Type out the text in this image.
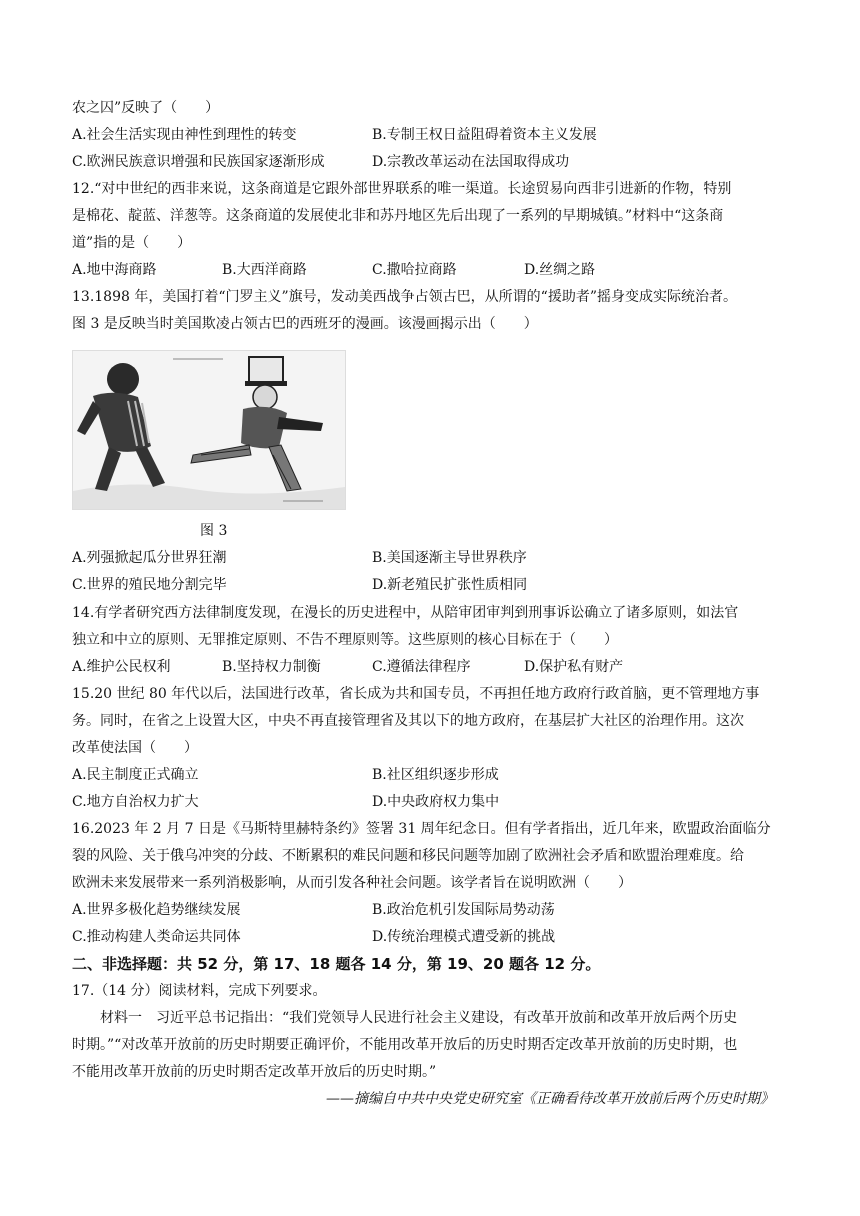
农之囚”反映了（　　）
A.社会生活实现由神性到理性的转变	B.专制王权日益阻碍着资本主义发展
C.欧洲民族意识增强和民族国家逐渐形成	D.宗教改革运动在法国取得成功
12.“对中世纪的西非来说，这条商道是它跟外部世界联系的唯一渠道。长途贸易向西非引进新的作物，特别
是棉花、靛蓝、洋葱等。这条商道的发展使北非和苏丹地区先后出现了一系列的早期城镇。”材料中“这条商
道”指的是（　　）
A.地中海商路	B.大西洋商路	C.撒哈拉商路	D.丝绸之路
13.1898 年，美国打着“门罗主义”旗号，发动美西战争占领古巴，从所谓的“援助者”摇身变成实际统治者。
图 3 是反映当时美国欺凌占领古巴的西班牙的漫画。该漫画揭示出（　　）
图 3
A.列强掀起瓜分世界狂潮	B.美国逐渐主导世界秩序
C.世界的殖民地分割完毕	D.新老殖民扩张性质相同
14.有学者研究西方法律制度发现，在漫长的历史进程中，从陪审团审判到刑事诉讼确立了诸多原则，如法官
独立和中立的原则、无罪推定原则、不告不理原则等。这些原则的核心目标在于（　　）
A.维护公民权利	B.坚持权力制衡	C.遵循法律程序	D.保护私有财产
15.20 世纪 80 年代以后，法国进行改革，省长成为共和国专员，不再担任地方政府行政首脑，更不管理地方事
务。同时，在省之上设置大区，中央不再直接管理省及其以下的地方政府，在基层扩大社区的治理作用。这次
改革使法国（　　）
A.民主制度正式确立	B.社区组织逐步形成
C.地方自治权力扩大	D.中央政府权力集中
16.2023 年 2 月 7 日是《马斯特里赫特条约》签署 31 周年纪念日。但有学者指出，近几年来，欧盟政治面临分
裂的风险、关于俄乌冲突的分歧、不断累积的难民问题和移民问题等加剧了欧洲社会矛盾和欧盟治理难度。给
欧洲未来发展带来一系列消极影响，从而引发各种社会问题。该学者旨在说明欧洲（　　）
A.世界多极化趋势继续发展	B.政治危机引发国际局势动荡
C.推动构建人类命运共同体	D.传统治理模式遭受新的挑战
二、非选择题：共 52 分，第 17、18 题各 14 分，第 19、20 题各 12 分。
17.（14 分）阅读材料，完成下列要求。
材料一　习近平总书记指出：“我们党领导人民进行社会主义建设，有改革开放前和改革开放后两个历史
时期。”“对改革开放前的历史时期要正确评价，不能用改革开放后的历史时期否定改革开放前的历史时期，也
不能用改革开放前的历史时期否定改革开放后的历史时期。”
——摘编自中共中央党史研究室《正确看待改革开放前后两个历史时期》
